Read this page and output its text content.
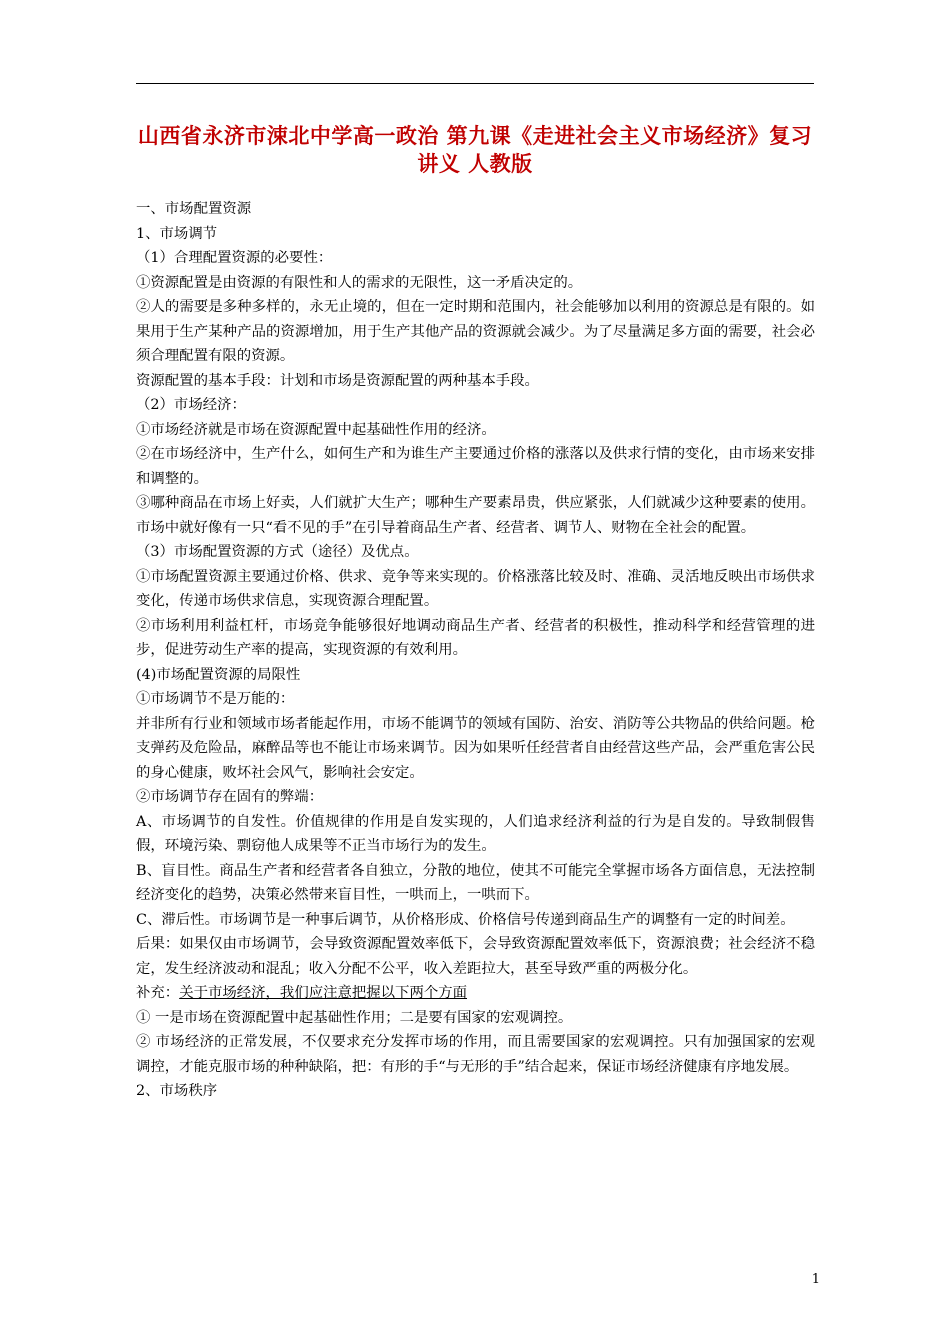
山西省永济市涑北中学高一政治 第九课《走进社会主义市场经济》复习讲义 人教版

一、市场配置资源

1、市场调节

（1）合理配置资源的必要性：

①资源配置是由资源的有限性和人的需求的无限性，这一矛盾决定的。

②人的需要是多种多样的，永无止境的，但在一定时期和范围内，社会能够加以利用的资源总是有限的。如果用于生产某种产品的资源增加，用于生产其他产品的资源就会减少。为了尽量满足多方面的需要，社会必须合理配置有限的资源。

资源配置的基本手段：计划和市场是资源配置的两种基本手段。

（2）市场经济：

①市场经济就是市场在资源配置中起基础性作用的经济。

②在市场经济中，生产什么，如何生产和为谁生产主要通过价格的涨落以及供求行情的变化，由市场来安排和调整的。

③哪种商品在市场上好卖，人们就扩大生产；哪种生产要素昂贵，供应紧张，人们就减少这种要素的使用。市场中就好像有一只“看不见的手”在引导着商品生产者、经营者、调节人、财物在全社会的配置。

（3）市场配置资源的方式（途径）及优点。

①市场配置资源主要通过价格、供求、竞争等来实现的。价格涨落比较及时、准确、灵活地反映出市场供求变化，传递市场供求信息，实现资源合理配置。

②市场利用利益杠杆，市场竞争能够很好地调动商品生产者、经营者的积极性，推动科学和经营管理的进步，促进劳动生产率的提高，实现资源的有效利用。

(4)市场配置资源的局限性

①市场调节不是万能的：

并非所有行业和领域市场者能起作用，市场不能调节的领域有国防、治安、消防等公共物品的供给问题。枪支弹药及危险品，麻醉品等也不能让市场来调节。因为如果听任经营者自由经营这些产品，会严重危害公民的身心健康，败坏社会风气，影响社会安定。

②市场调节存在固有的弊端：

A、市场调节的自发性。价值规律的作用是自发实现的，人们追求经济利益的行为是自发的。导致制假售假，环境污染、剽窃他人成果等不正当市场行为的发生。

B、盲目性。商品生产者和经营者各自独立，分散的地位，使其不可能完全掌握市场各方面信息，无法控制经济变化的趋势，决策必然带来盲目性，一哄而上，一哄而下。

C、滞后性。市场调节是一种事后调节，从价格形成、价格信号传递到商品生产的调整有一定的时间差。

后果：如果仅由市场调节，会导致资源配置效率低下，会导致资源配置效率低下，资源浪费；社会经济不稳定，发生经济波动和混乱；收入分配不公平，收入差距拉大，甚至导致严重的两极分化。

补充：关于市场经济，我们应注意把握以下两个方面

① 一是市场在资源配置中起基础性作用；二是要有国家的宏观调控。

② 市场经济的正常发展，不仅要求充分发挥市场的作用，而且需要国家的宏观调控。只有加强国家的宏观调控，才能克服市场的种种缺陷，把：有形的手“与无形的手”结合起来，保证市场经济健康有序地发展。

2、市场秩序

1
